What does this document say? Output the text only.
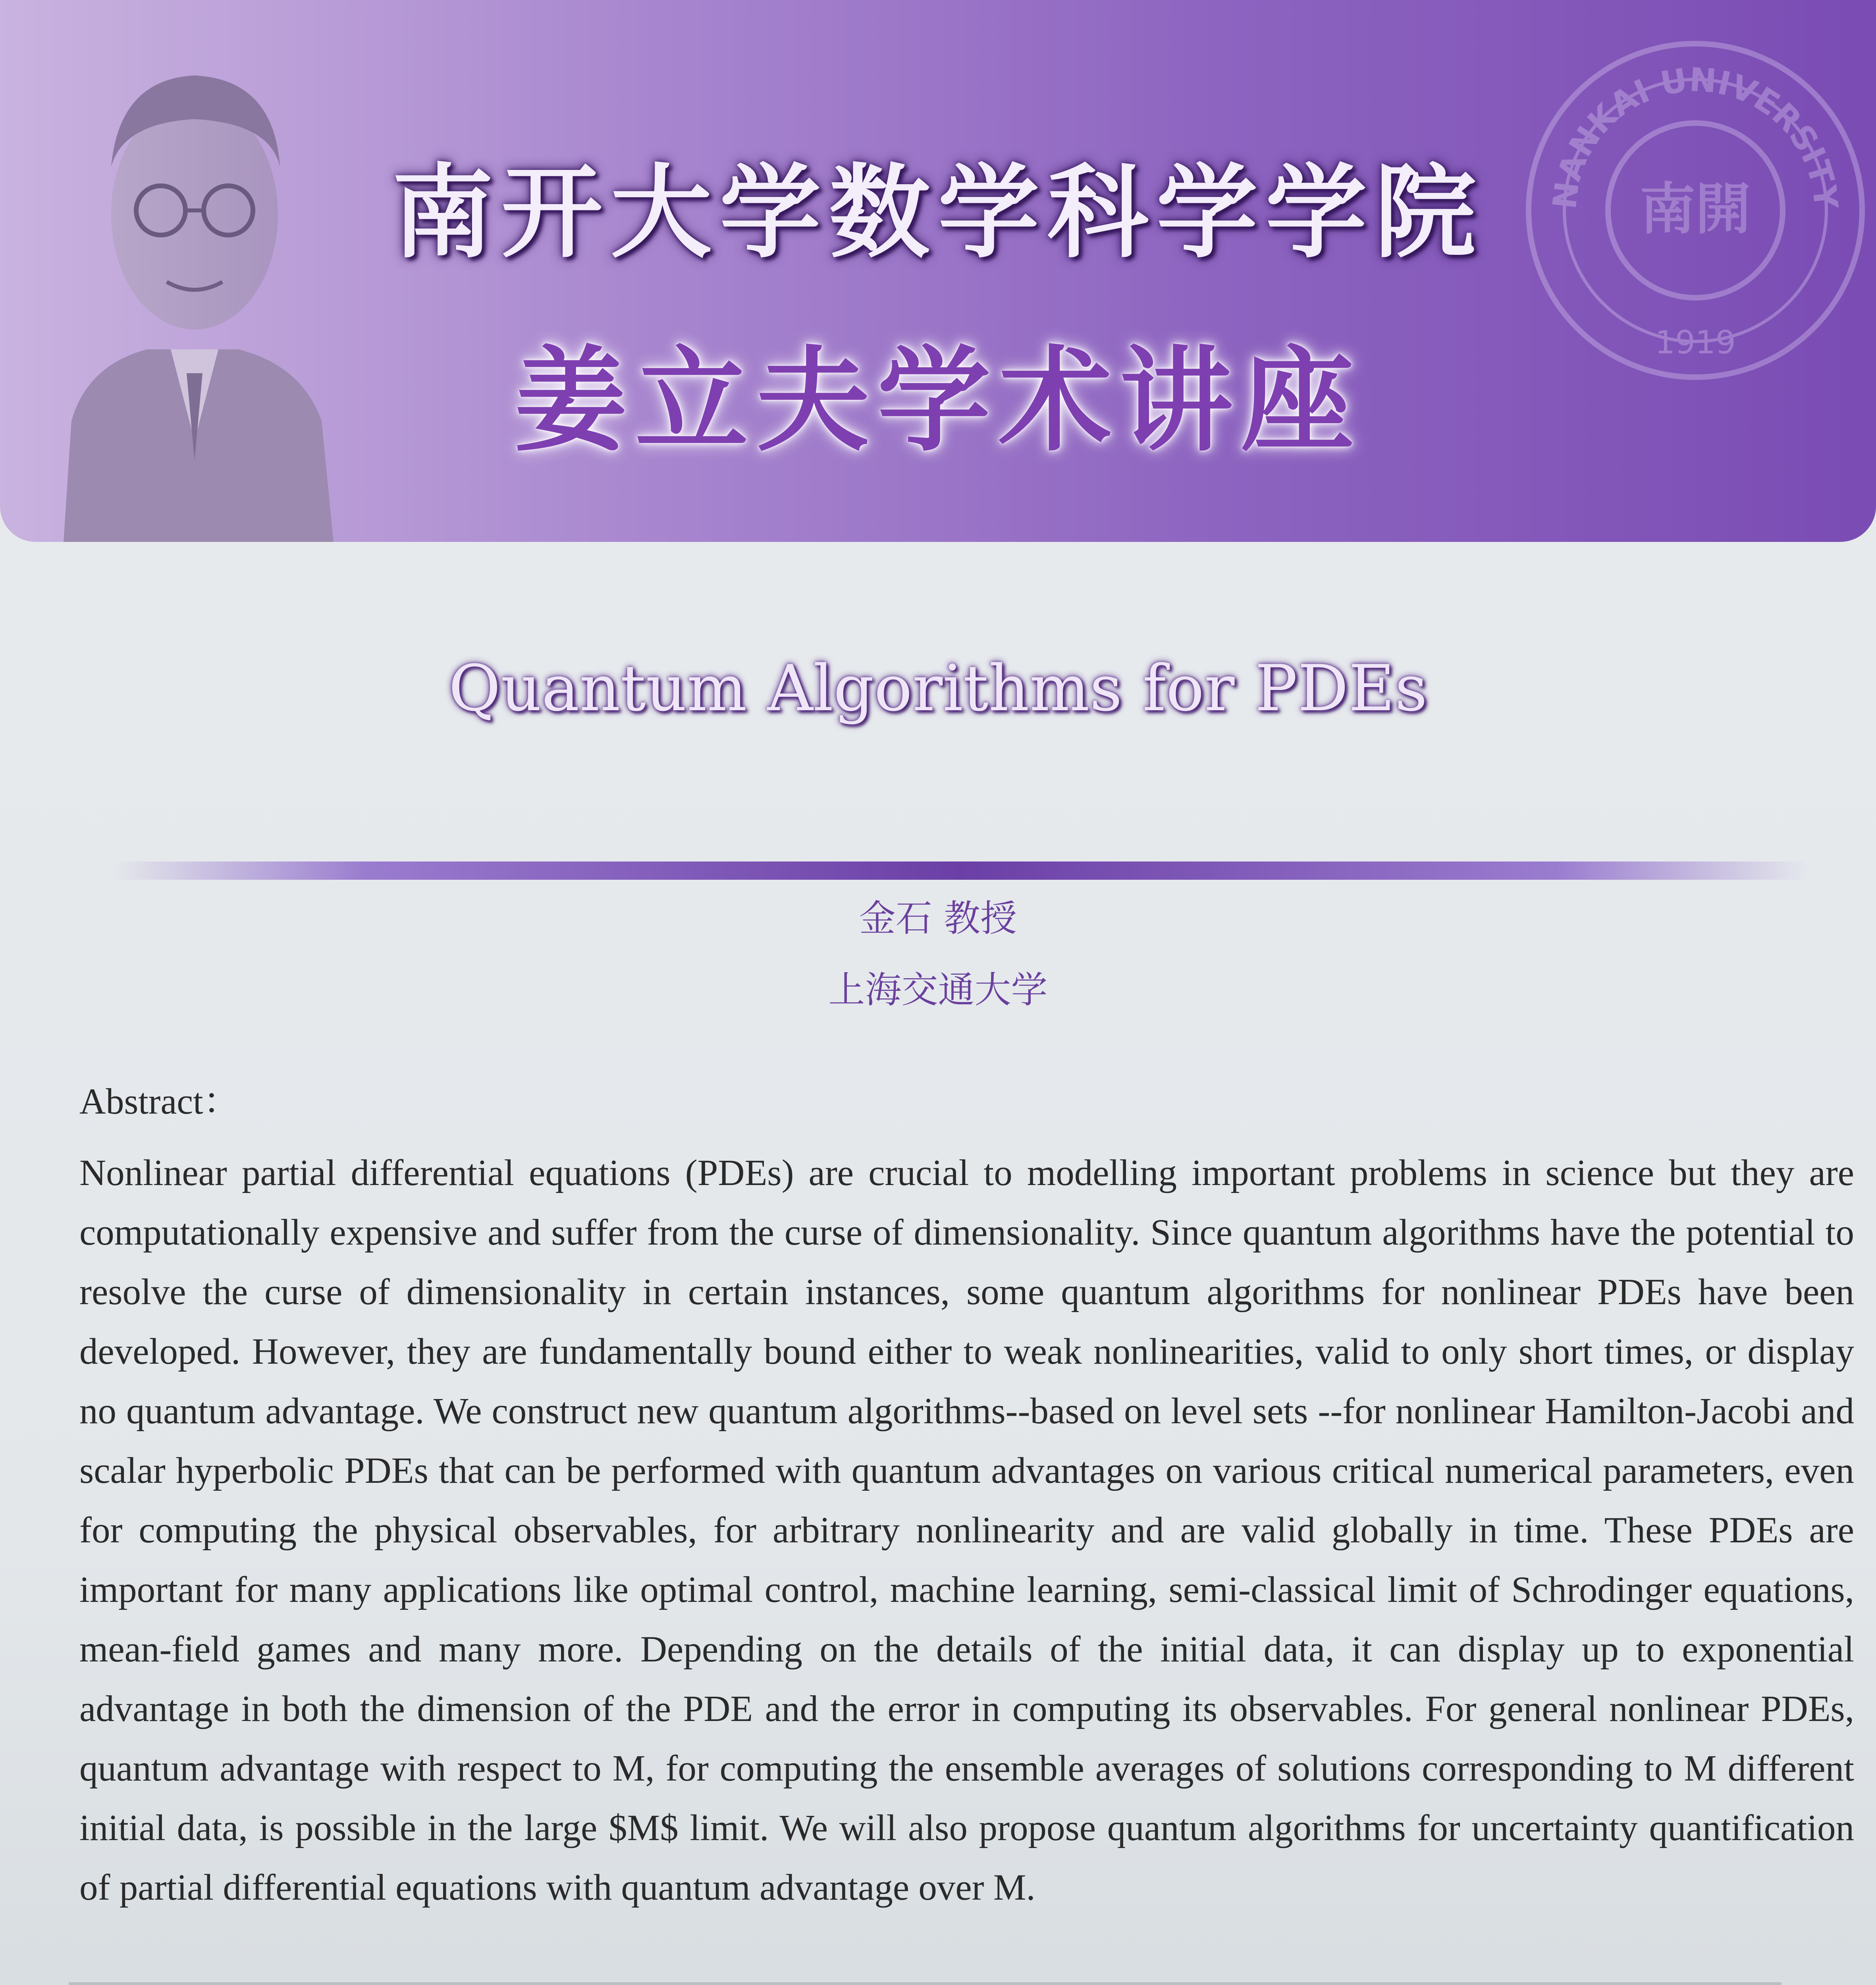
NANKAI UNIVERSITY
南開
1919
南开大学数学科学学院
姜立夫学术讲座
Quantum Algorithms for PDEs
金石 教授
上海交通大学
Abstract：

Nonlinear partial differential equations (PDEs) are crucial to modelling important problems in science but they are computationally expensive and suffer from the curse of dimensionality. Since quantum algorithms have the potential to resolve the curse of dimensionality in certain instances, some quantum algorithms for nonlinear PDEs have been developed. However, they are fundamentally bound either to weak nonlinearities, valid to only short times, or display no quantum advantage. We construct new quantum algorithms--based on level sets --for nonlinear Hamilton-Jacobi and scalar hyperbolic PDEs that can be performed with quantum advantages on various critical numerical parameters, even for computing the physical observables, for arbitrary nonlinearity and are valid globally in time. These PDEs are important for many applications like optimal control, machine learning, semi-classical limit of Schrodinger equations, mean-field games and many more. Depending on the details of the initial data, it can display up to exponential advantage in both the dimension of the PDE and the error in computing its observables. For general nonlinear PDEs, quantum advantage with respect to M, for computing the ensemble averages of solutions corresponding to M different initial data, is possible in the large $M$ limit. We will also propose quantum algorithms for uncertainty quantification of partial differential equations with quantum advantage over M.
